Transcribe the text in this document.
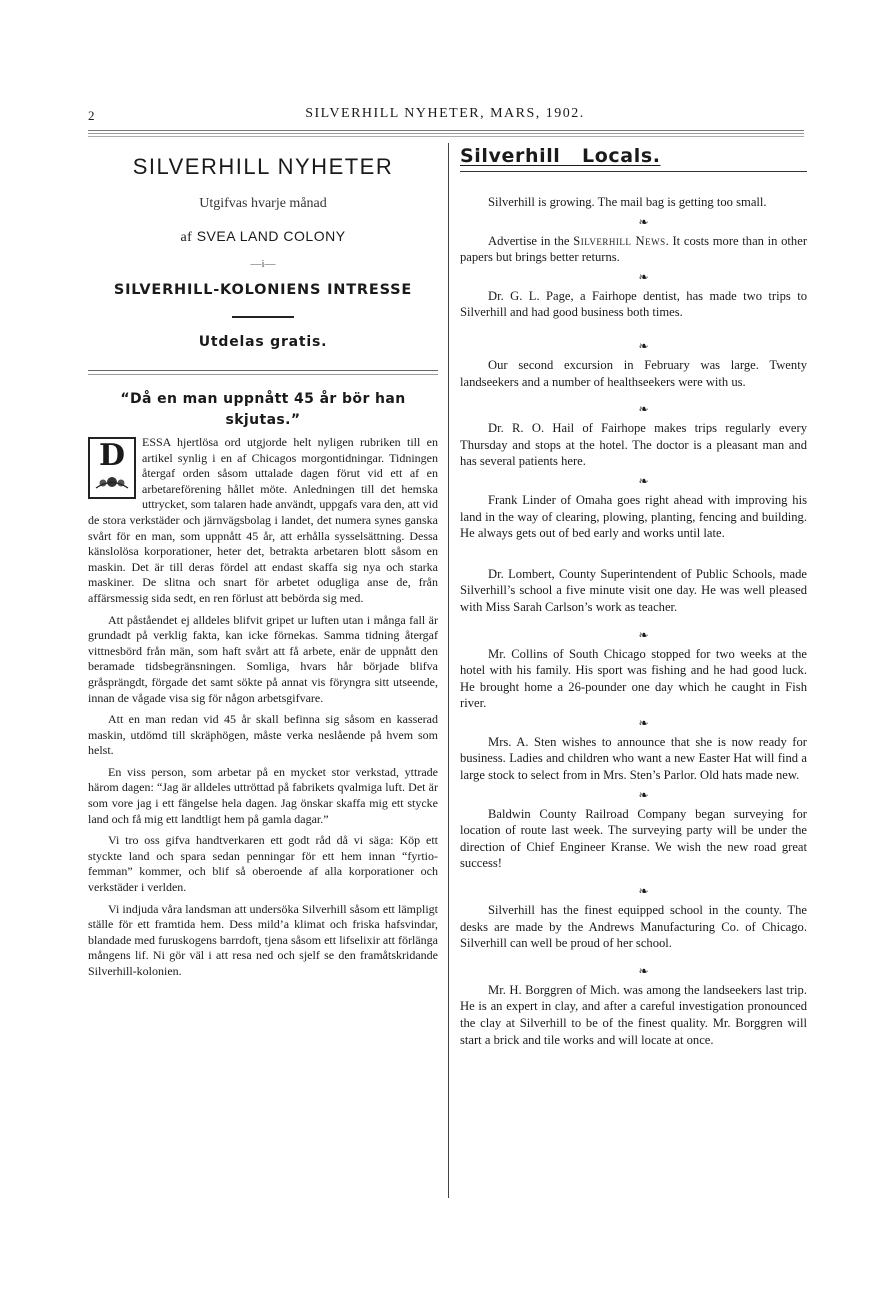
2	SILVERHILL NYHETER, MARS, 1902.
SILVERHILL NYHETER
Utgifvas hvarje månad
af SVEA LAND COLONY
—i—
SILVERHILL-KOLONIENS INTRESSE
Utdelas gratis.
“Då en man uppnått 45 år bör han skjutas.”

D ESSA hjertlösa ord utgjorde helt nyligen rubriken till en artikel synlig i en af Chicagos morgontidningar. Tidningen återgaf orden såsom uttalade dagen förut vid ett af en arbetareförening hållet möte. Anledningen till det hemska uttrycket, som talaren hade användt, uppgafs vara den, att vid de stora verkstäder och järnvägsbolag i landet, det numera synes ganska svårt för en man, som uppnått 45 år, att erhålla sysselsättning. Dessa känslolösa korporationer, heter det, betrakta arbetaren blott såsom en maskin. Det är till deras fördel att endast skaffa sig nya och starka maskiner. De slitna och snart för arbetet odugliga anse de, från affärsmessig sida sedt, en ren förlust att bebörda sig med.

Att påståendet ej alldeles blifvit gripet ur luften utan i många fall är grundadt på verklig fakta, kan icke förnekas. Samma tidning återgaf vittnesbörd från män, som haft svårt att få arbete, enär de uppnått den beramade tidsbegränsningen. Somliga, hvars hår började blifva gråsprängdt, förgade det samt sökte på annat vis föryngra sitt utseende, innan de vågade visa sig för någon arbetsgifvare.

Att en man redan vid 45 år skall befinna sig såsom en kasserad maskin, utdömd till skräphögen, måste verka neslående på hvem som helst.

En viss person, som arbetar på en mycket stor verkstad, yttrade härom dagen: “Jag är alldeles uttröttad på fabrikets qvalmiga luft. Det är som vore jag i ett fängelse hela dagen. Jag önskar skaffa mig ett stycke land och få mig ett landtligt hem på gamla dagar.”

Vi tro oss gifva handtverkaren ett godt råd då vi säga: Köp ett styckte land och spara sedan penningar för ett hem innan “fyrtio-femman” kommer, och blif så oberoende af alla korporationer och verkstäder i verlden.

Vi indjuda våra landsman att undersöka Silverhill såsom ett lämpligt ställe för ett framtida hem. Dess mild’a klimat och friska hafsvindar, blandade med furuskogens barrdoft, tjena såsom ett lifselixir att förlänga mångens lif. Ni gör väl i att resa ned och sjelf se den framåtskridande Silverhill-kolonien.

Silverhill   Locals.

Silverhill is growing. The mail bag is getting too small.

❧

Advertise in the Silverhill News. It costs more than in other papers but brings better returns.

❧

Dr. G. L. Page, a Fairhope dentist, has made two trips to Silverhill and had good business both times.

❧

Our second excursion in February was large. Twenty landseekers and a number of healthseekers were with us.

❧

Dr. R. O. Hail of Fairhope makes trips regularly every Thursday and stops at the hotel. The doctor is a pleasant man and has several patients here.

❧

Frank Linder of Omaha goes right ahead with improving his land in the way of clearing, plowing, planting, fencing and building. He always gets out of bed early and works until late.

Dr. Lombert, County Superintendent of Public Schools, made Silverhill’s school a five minute visit one day. He was well pleased with Miss Sarah Carlson’s work as teacher.

❧

Mr. Collins of South Chicago stopped for two weeks at the hotel with his family. His sport was fishing and he had good luck. He brought home a 26-pounder one day which he caught in Fish river.

❧

Mrs. A. Sten wishes to announce that she is now ready for business. Ladies and children who want a new Easter Hat will find a large stock to select from in Mrs. Sten’s Parlor. Old hats made new.

❧

Baldwin County Railroad Company began surveying for location of route last week. The surveying party will be under the direction of Chief Engineer Kranse. We wish the new road great success!

❧

Silverhill has the finest equipped school in the county. The desks are made by the Andrews Manufacturing Co. of Chicago. Silverhill can well be proud of her school.

❧

Mr. H. Borggren of Mich. was among the landseekers last trip. He is an expert in clay, and after a careful investigation pronounced the clay at Silverhill to be of the finest quality. Mr. Borggren will start a brick and tile works and will locate at once.
